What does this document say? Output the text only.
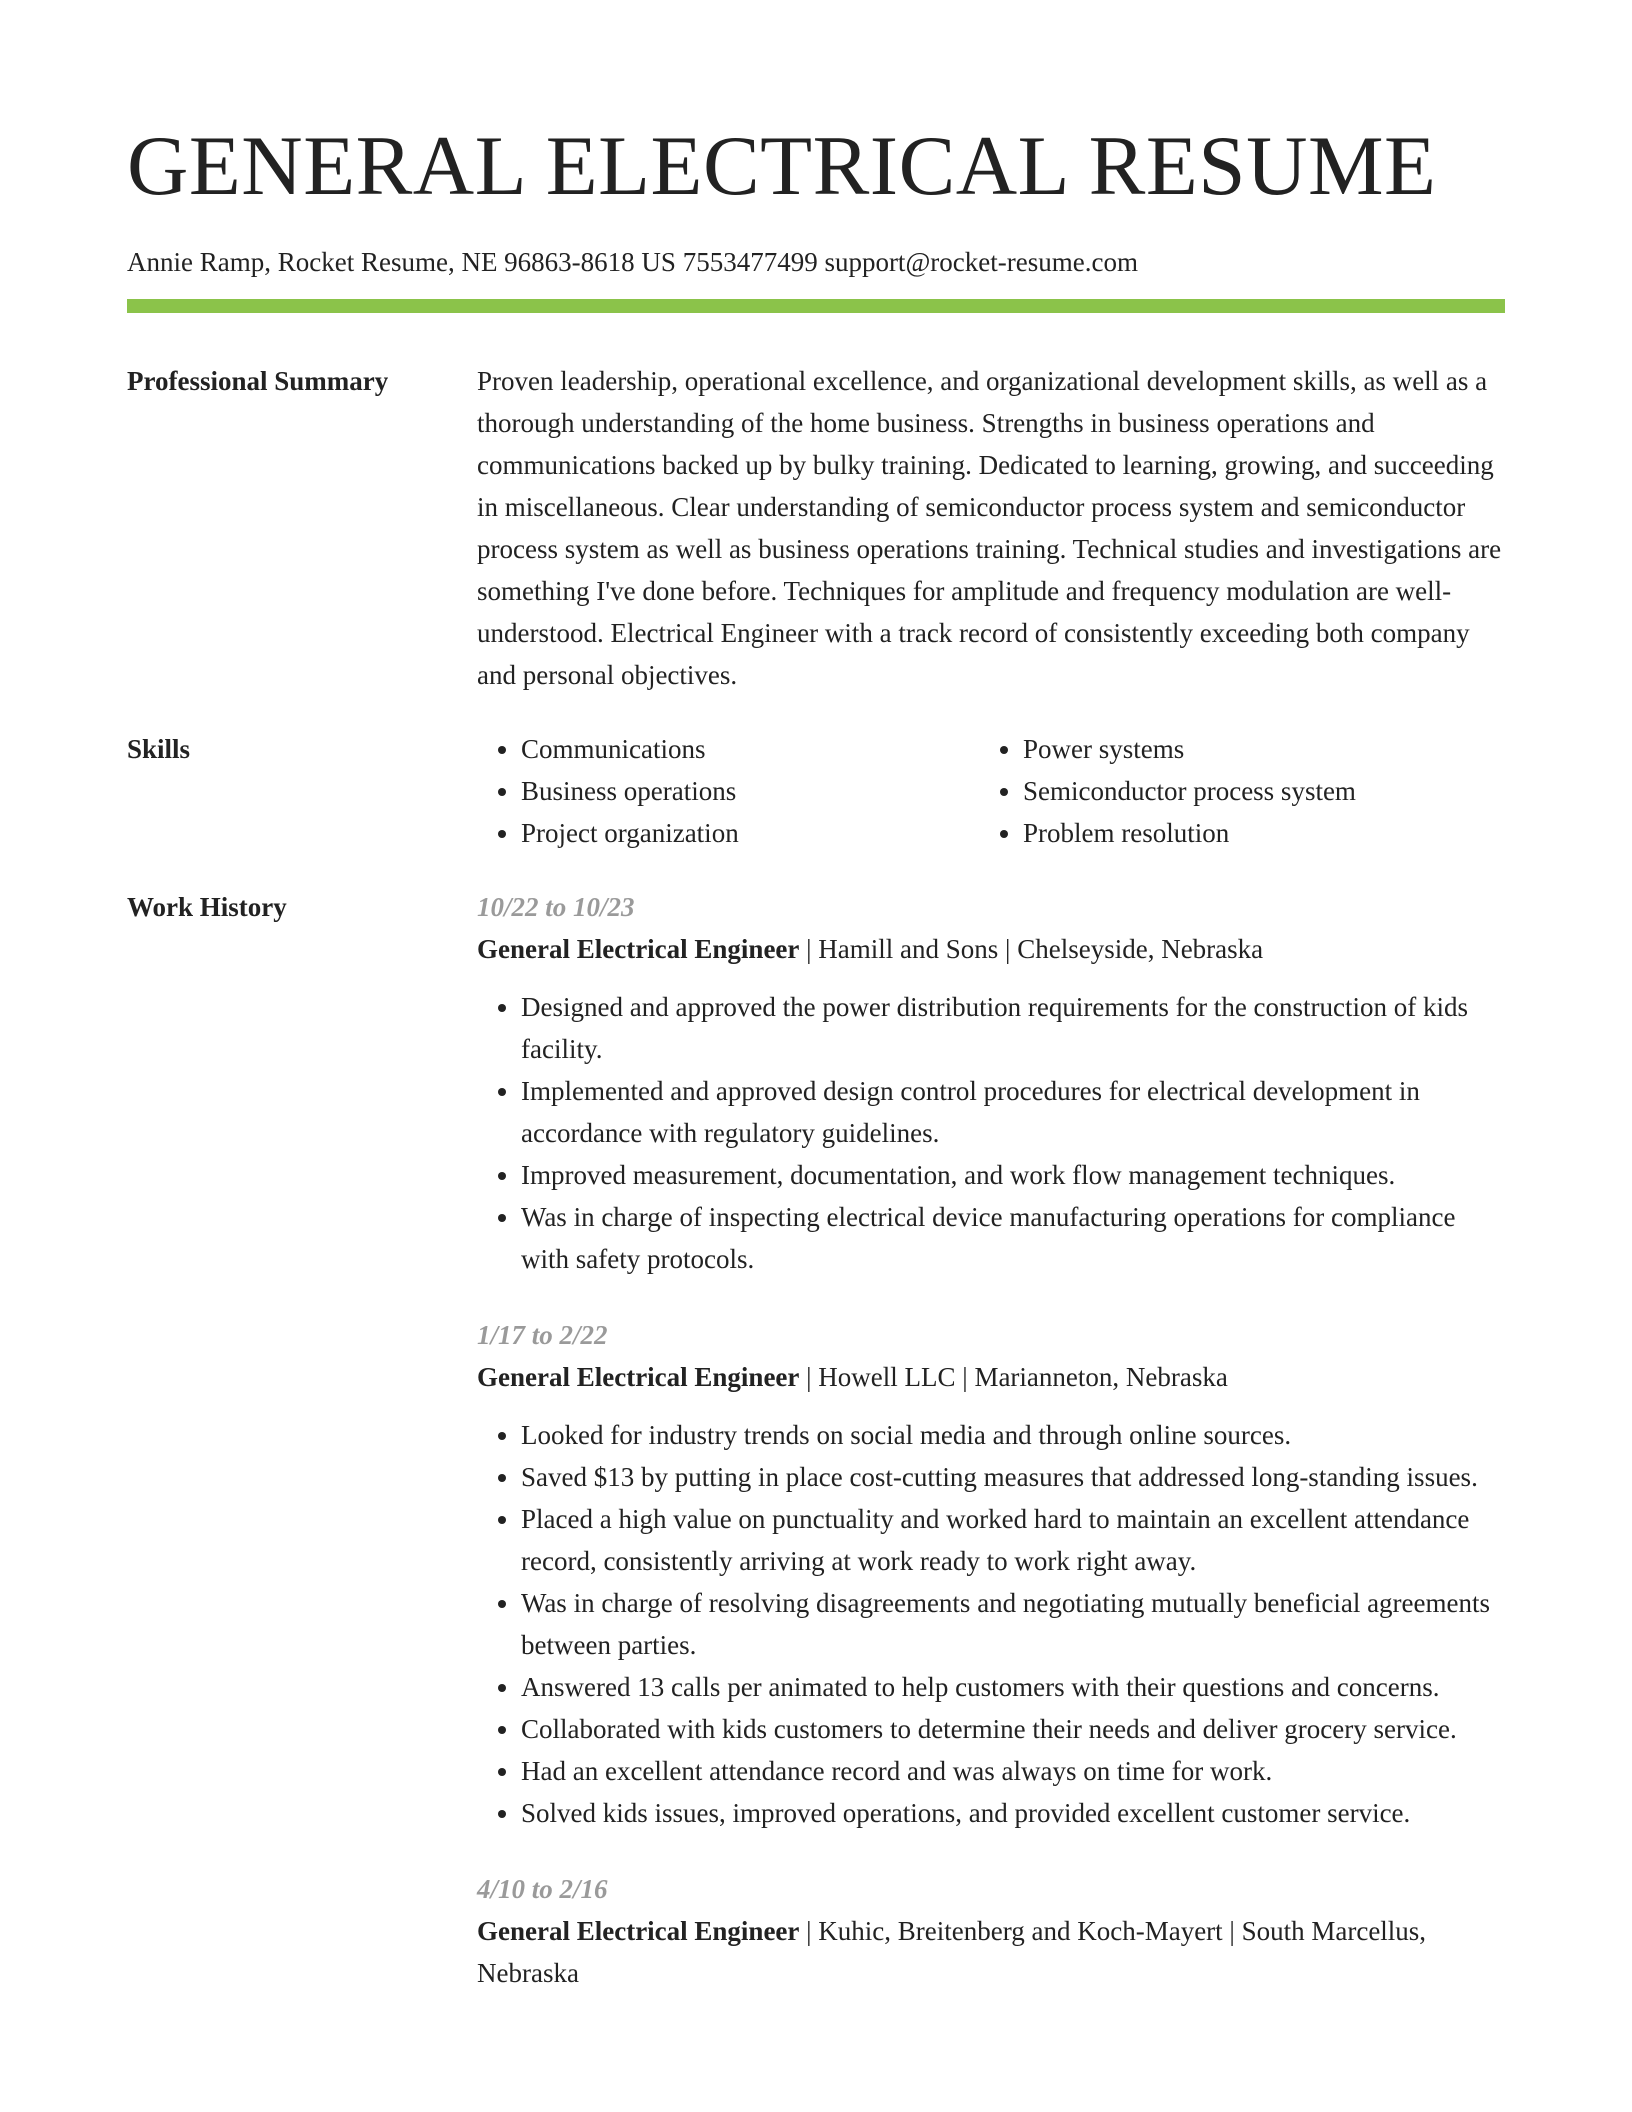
GENERAL ELECTRICAL RESUME
Annie Ramp, Rocket Resume, NE 96863-8618 US 7553477499 support@rocket-resume.com
Professional Summary	Proven leadership, operational excellence, and organizational development skills, as well as a thorough understanding of the home business. Strengths in business operations and communications backed up by bulky training. Dedicated to learning, growing, and succeeding in miscellaneous. Clear understanding of semiconductor process system and semiconductor process system as well as business operations training. Technical studies and investigations are something I've done before. Techniques for amplitude and frequency modulation are well-understood. Electrical Engineer with a track record of consistently exceeding both company and personal objectives.
Skills
•	Communications
• Business operations
• Project organization
• Power systems
• Semiconductor process system
• Problem resolution
Work History	10/22 to 10/23
General Electrical Engineer | Hamill and Sons | Chelseyside, Nebraska
• Designed and approved the power distribution requirements for the construction of kids facility.
• Implemented and approved design control procedures for electrical development in accordance with regulatory guidelines.
• Improved measurement, documentation, and work flow management techniques.
• Was in charge of inspecting electrical device manufacturing operations for compliance with safety protocols.
1/17 to 2/22
General Electrical Engineer | Howell LLC | Marianneton, Nebraska
• Looked for industry trends on social media and through online sources.
• Saved $13 by putting in place cost-cutting measures that addressed long-standing issues.
• Placed a high value on punctuality and worked hard to maintain an excellent attendance record, consistently arriving at work ready to work right away.
• Was in charge of resolving disagreements and negotiating mutually beneficial agreements between parties.
• Answered 13 calls per animated to help customers with their questions and concerns.
• Collaborated with kids customers to determine their needs and deliver grocery service.
• Had an excellent attendance record and was always on time for work.
• Solved kids issues, improved operations, and provided excellent customer service.
4/10 to 2/16
General Electrical Engineer | Kuhic, Breitenberg and Koch-Mayert | South Marcellus, Nebraska
